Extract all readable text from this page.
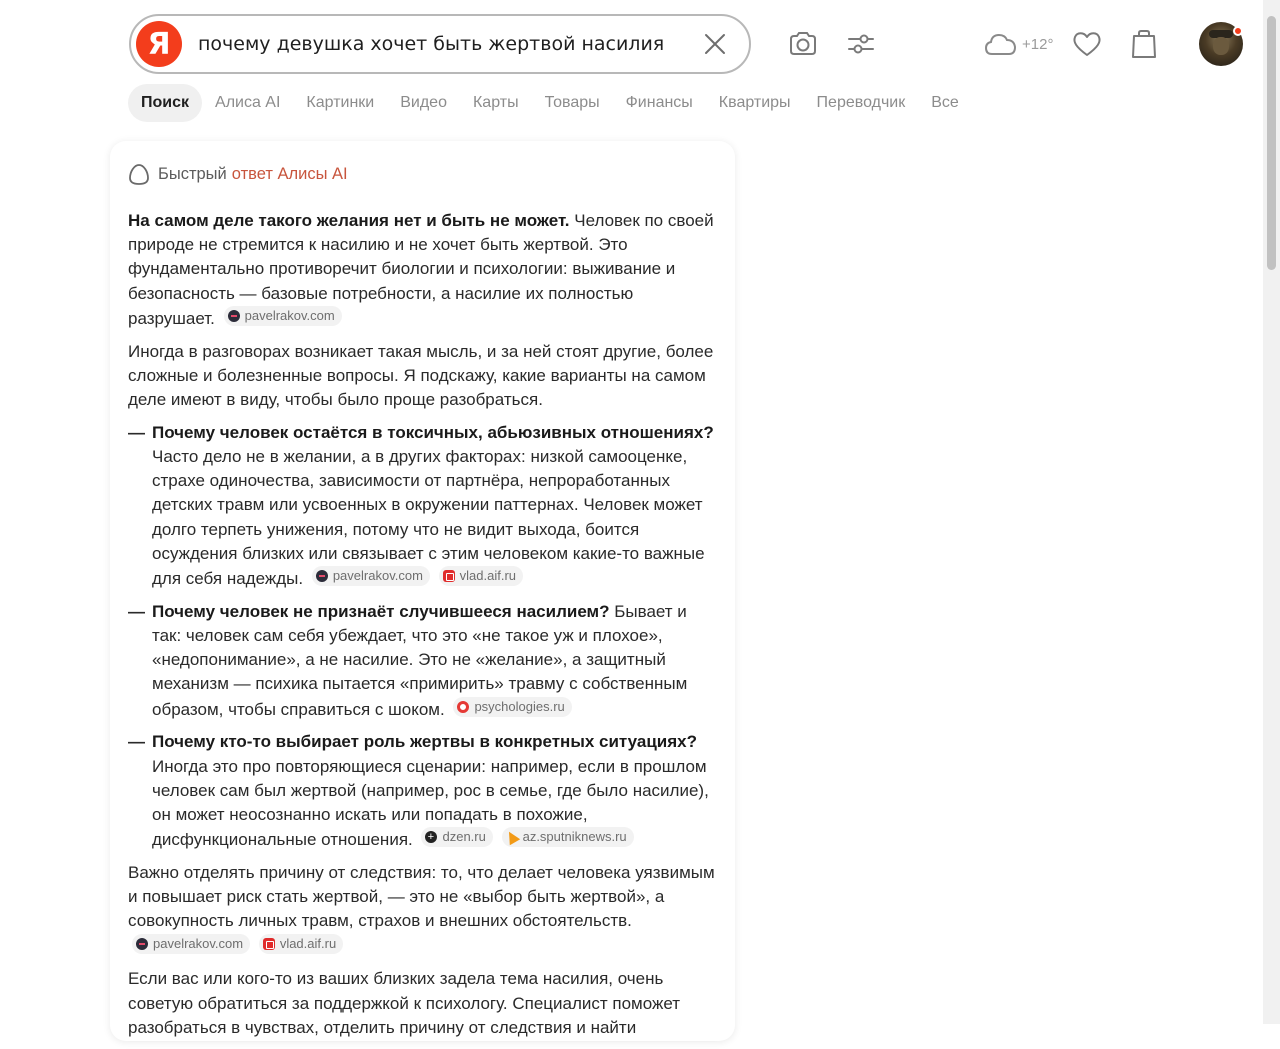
Я	почему девушка хочет быть жертвой насилия	+12°
Поиск	Алиса AI	Картинки	Видео	Карты	Товары	Финансы	Квартиры	Переводчик	Все
Быстрый ответ Алисы AI

На самом деле такого желания нет и быть не может. Человек по своей природе не стремится к насилию и не хочет быть жертвой. Это фундаментально противоречит биологии и психологии: выживание и безопасность — базовые потребности, а насилие их полностью разрушает. pavelrakov.com

Иногда в разговорах возникает такая мысль, и за ней стоят другие, более сложные и болезненные вопросы. Я подскажу, какие варианты на самом деле имеют в виду, чтобы было проще разобраться.

— Почему человек остаётся в токсичных, абьюзивных отношениях? Часто дело не в желании, а в других факторах: низкой самооценке, страхе одиночества, зависимости от партнёра, непроработанных детских травм или усвоенных в окружении паттернах. Человек может долго терпеть унижения, потому что не видит выхода, боится осуждения близких или связывает с этим человеком какие-то важные для себя надежды. pavelrakov.com
	vlad.aif.ru
— Почему человек не признаёт случившееся насилием? Бывает и так: человек сам себя убеждает, что это «не такое уж и плохое», «недопонимание», а не насилие. Это не «желание», а защитный механизм — психика пытается «примирить» травму с собственным образом, чтобы справиться с шоком. psychologies.ru
— Почему кто-то выбирает роль жертвы в конкретных ситуациях? Иногда это про повторяющиеся сценарии: например, если в прошлом человек сам был жертвой (например, рос в семье, где было насилие), он может неосознанно искать или попадать в похожие, дисфункциональные отношения.
+ dzen.ru
	az.sputniknews.ru

Важно отделять причину от следствия: то, что делает человека уязвимым и повышает риск стать жертвой, — это не «выбор быть жертвой», а совокупность личных травм, страхов и внешних обстоятельств.
pavelrakov.com
	vlad.aif.ru

Если вас или кого-то из ваших близких задела тема насилия, очень советую обратиться за поддержкой к психологу. Специалист поможет разобраться в чувствах, отделить причину от следствия и найти
